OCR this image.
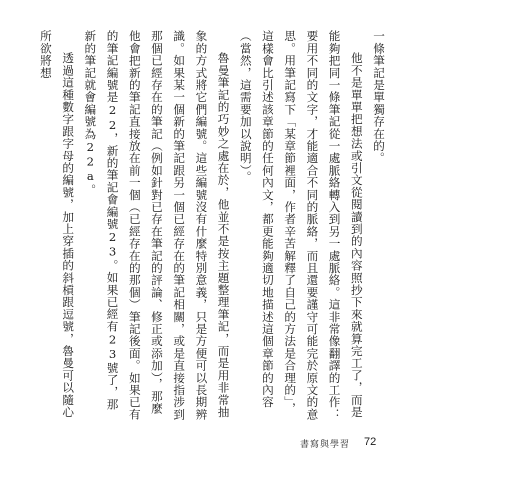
一條筆記是單獨存在的。

他不是單單把想法或引文從閱讀到的內容照抄下來就算完工了，而是能夠把同一條筆記從一處脈絡轉入到另一處脈絡。這非常像翻譯的工作：要用不同的文字，才能適合不同的脈絡，而且還要謹守可能完於原文的意思。用筆記寫下「某章節裡面，作者辛苦解釋了自己的方法是合理的」，這樣會比引述該章節的任何內文，都更能夠適切地描述這個章節的內容（當然，這需要加以說明）。

魯曼筆記的巧妙之處在於，他並不是按主題整理筆記，而是用非常抽象的方式將它們編號。這些編號沒有什麼特別意義，只是方便可以長期辨識。如果某一個新的筆記跟另一個已經存在的筆記相關，或是直接指涉到那個已經存在的筆記（例如針對已存在筆記的評論、修正或添加），那麼他會把新的筆記直接放在前一個（已經存在的那個）筆記後面。如果已有的筆記編號是22，新的筆記會編號23。如果已經有23號了，那新的筆記就會編號為22a。

透過這種數字跟字母的編號，加上穿插的斜槓跟逗號，魯曼可以隨心所欲將想

書寫與學習 72
